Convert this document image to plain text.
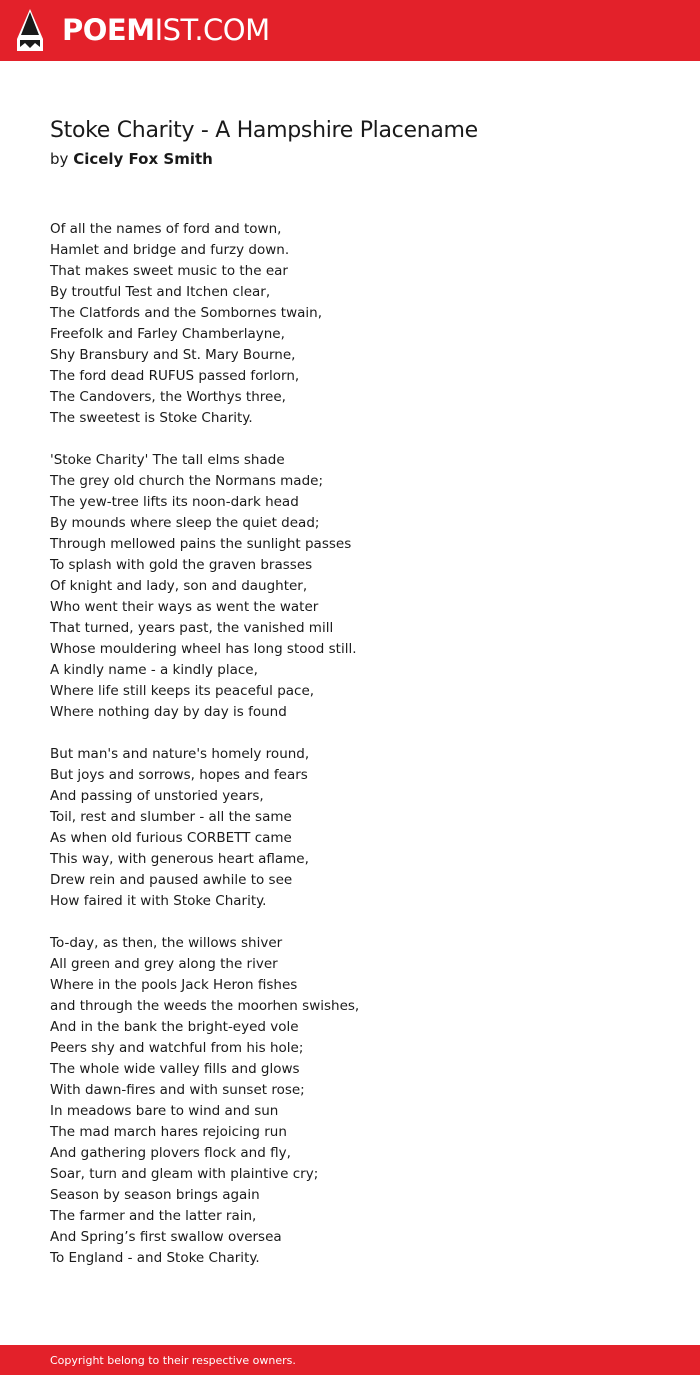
POEMIST.COM
Stoke Charity - A Hampshire Placename
by Cicely Fox Smith
Of all the names of ford and town,
Hamlet and bridge and furzy down.
That makes sweet music to the ear
By troutful Test and Itchen clear,
The Clatfords and the Sombornes twain,
Freefolk and Farley Chamberlayne,
Shy Bransbury and St. Mary Bourne,
The ford dead RUFUS passed forlorn,
The Candovers, the Worthys three,
The sweetest is Stoke Charity.
'Stoke Charity' The tall elms shade
The grey old church the Normans made;
The yew-tree lifts its noon-dark head
By mounds where sleep the quiet dead;
Through mellowed pains the sunlight passes
To splash with gold the graven brasses
Of knight and lady, son and daughter,
Who went their ways as went the water
That turned, years past, the vanished mill
Whose mouldering wheel has long stood still.
A kindly name - a kindly place,
Where life still keeps its peaceful pace,
Where nothing day by day is found
But man's and nature's homely round,
But joys and sorrows, hopes and fears
And passing of unstoried years,
Toil, rest and slumber - all the same
As when old furious CORBETT came
This way, with generous heart aflame,
Drew rein and paused awhile to see
How faired it with Stoke Charity.
To-day, as then, the willows shiver
All green and grey along the river
Where in the pools Jack Heron fishes
and through the weeds the moorhen swishes,
And in the bank the bright-eyed vole
Peers shy and watchful from his hole;
The whole wide valley fills and glows
With dawn-fires and with sunset rose;
In meadows bare to wind and sun
The mad march hares rejoicing run
And gathering plovers flock and fly,
Soar, turn and gleam with plaintive cry;
Season by season brings again
The farmer and the latter rain,
And Spring’s first swallow oversea
To England - and Stoke Charity.
Copyright belong to their respective owners.
